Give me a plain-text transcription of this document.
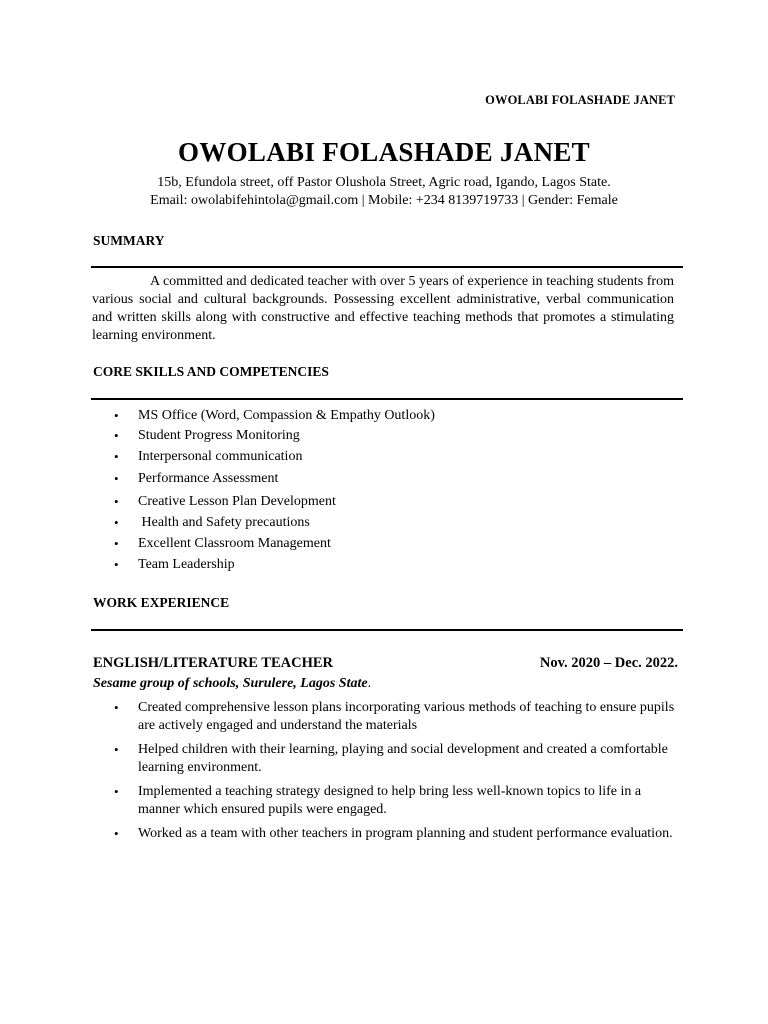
OWOLABI FOLASHADE JANET
OWOLABI FOLASHADE JANET
15b, Efundola street, off Pastor Olushola Street, Agric road, Igando, Lagos State.
Email: owolabifehintola@gmail.com | Mobile: +234 8139719733 | Gender: Female
SUMMARY

A committed and dedicated teacher with over 5 years of experience in teaching students from various social and cultural backgrounds. Possessing excellent administrative, verbal communication and written skills along with constructive and effective teaching methods that promotes a stimulating learning environment.

CORE SKILLS AND COMPETENCIES
• MS Office (Word, Compassion & Empathy Outlook)
• Student Progress Monitoring
• Interpersonal communication
• Performance Assessment
• Creative Lesson Plan Development
• Health and Safety precautions
• Excellent Classroom Management
• Team Leadership
WORK EXPERIENCE
ENGLISH/LITERATURE TEACHER	Nov. 2020 – Dec. 2022.
Sesame group of schools, Surulere, Lagos State.
• Created comprehensive lesson plans incorporating various methods of teaching to ensure pupils are actively engaged and understand the materials
• Helped children with their learning, playing and social development and created a comfortable learning environment.
• Implemented a teaching strategy designed to help bring less well-known topics to life in a manner which ensured pupils were engaged.
• Worked as a team with other teachers in program planning and student performance evaluation.
